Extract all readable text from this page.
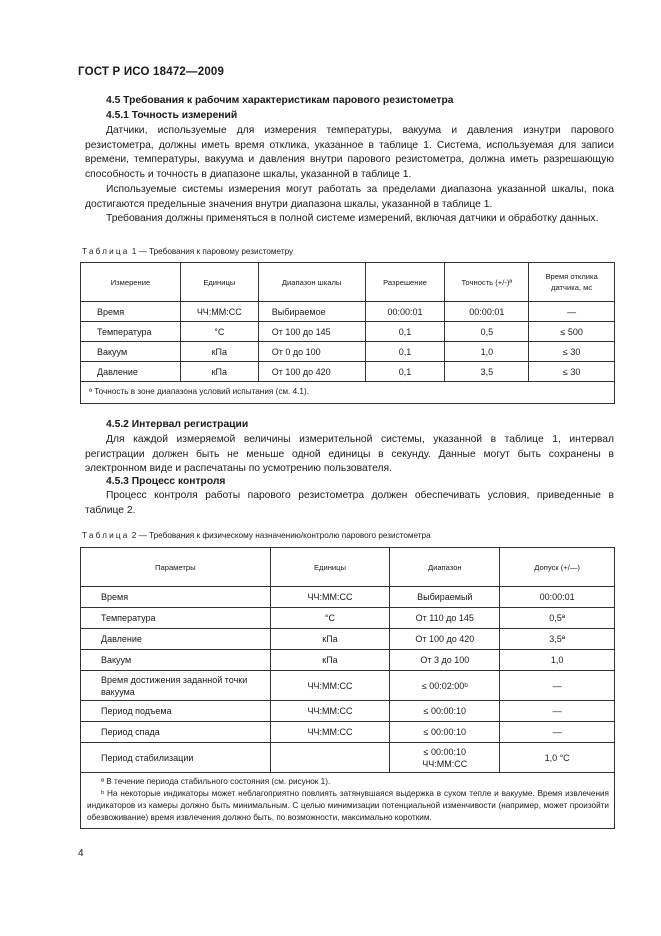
ГОСТ Р ИСО 18472—2009
4.5 Требования к рабочим характеристикам парового резистометра
4.5.1 Точность измерений
Датчики, используемые для измерения температуры, вакуума и давления изнутри парового резистометра, должны иметь время отклика, указанное в таблице 1. Система, используемая для записи времени, температуры, вакуума и давления внутри парового резистометра, должна иметь разрешающую способность и точность в диапазоне шкалы, указанной в таблице 1.
Используемые системы измерения могут работать за пределами диапазона указанной шкалы, пока достигаются предельные значения внутри диапазона шкалы, указанной в таблице 1.
Требования должны применяться в полной системе измерений, включая датчики и обработку данных.
Таблица 1 — Требования к паровому резистометру
Измерение	Единицы	Диапазон шкалы	Разрешение	Точность (+/-)ª	Время отклика датчика, мс
Время	ЧЧ:ММ:СС	Выбираемое	00:00:01	00:00:01	—
Температура	°C	От 100 до 145	0,1	0,5	≤ 500
Вакуум	кПа	От 0 до 100	0,1	1,0	≤ 30
Давление	кПа	От 100 до 420	0,1	3,5	≤ 30
ª Точность в зоне диапазона условий испытания (см. 4.1).					
4.5.2 Интервал регистрации
Для каждой измеряемой величины измерительной системы, указанной в таблице 1, интервал регистрации должен быть не меньше одной единицы в секунду. Данные могут быть сохранены в электронном виде и распечатаны по усмотрению пользователя.
4.5.3 Процесс контроля
Процесс контроля работы парового резистометра должен обеспечивать условия, приведенные в таблице 2.
Таблица 2 — Требования к физическому назначению/контролю парового резистометра
Параметры	Единицы	Диапазон	Допуск (+/—)
Время	ЧЧ:ММ:СС	Выбираемый	00:00:01
Температура	°C	От 110 до 145	0,5ª
Давление	кПа	От 100 до 420	3,5ª
Вакуум	кПа	От 3 до 100	1,0
Время достижения заданной точки вакуума	ЧЧ:ММ:СС	≤ 00:02:00ᵇ	—
Период подъема	ЧЧ:ММ:СС	≤ 00:00:10	—
Период спада	ЧЧ:ММ:СС	≤ 00:00:10	—
Период стабилизации		≤ 00:00:10 ЧЧ:ММ:СС	1,0 °C

ª В течение периода стабильного состояния (см. рисунок 1).
ᵇ На некоторые индикаторы может неблагоприятно повлиять затянувшаяся выдержка в сухом тепле и вакууме. Время извлечения индикаторов из камеры должно быть минимальным. С целью минимизации потенциальной изменчивости (например, может произойти обезвоживание) время извлечения должно быть, по возможности, максимально коротким.			
4
